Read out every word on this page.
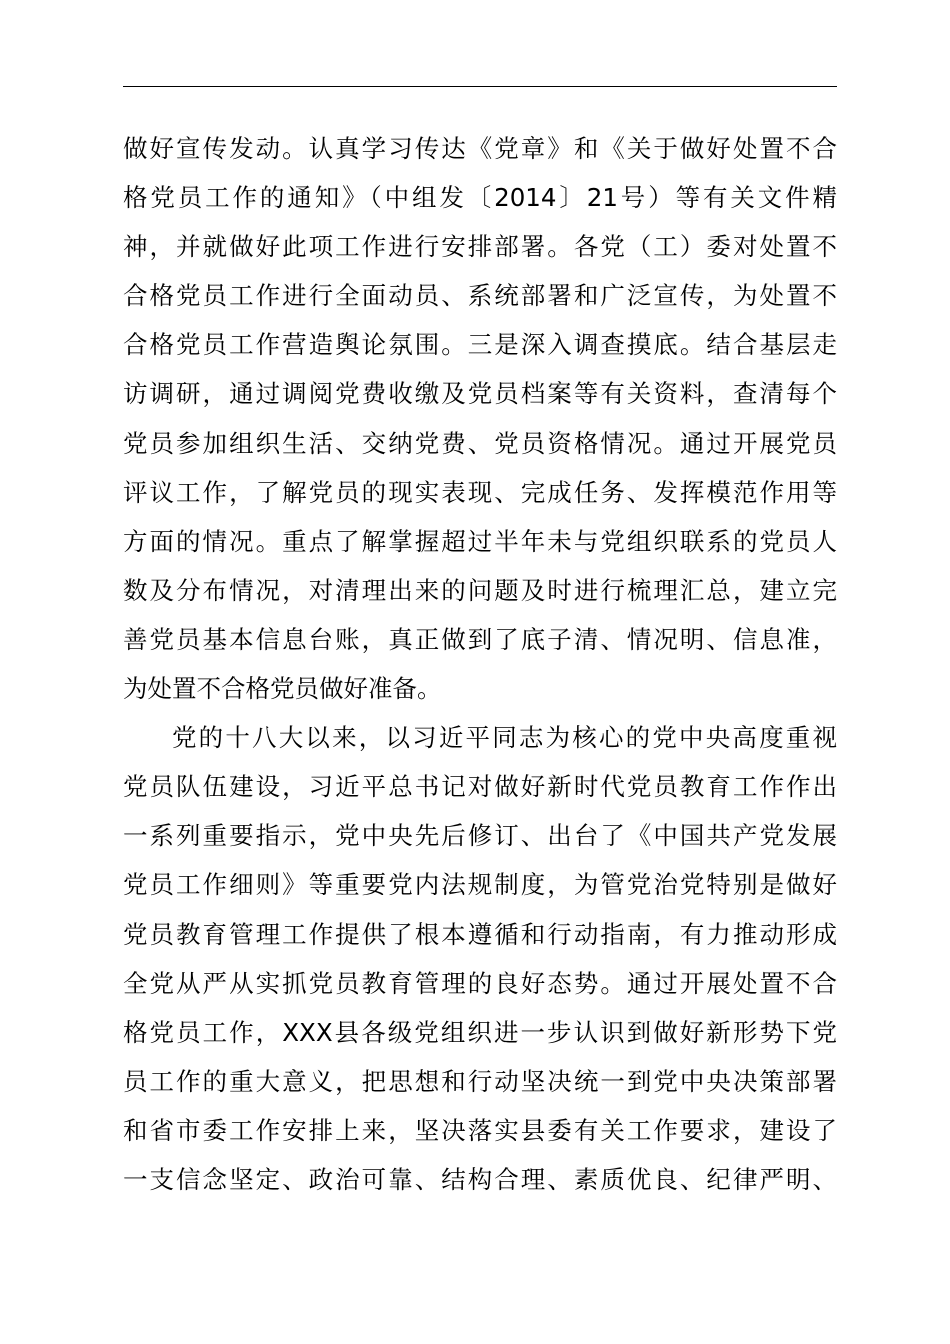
做好宣传发动。认真学习传达《党章》和《关于做好处置不合
格党员工作的通知》（中组发〔2014〕21号）等有关文件精
神，并就做好此项工作进行安排部署。各党（工）委对处置不
合格党员工作进行全面动员、系统部署和广泛宣传，为处置不
合格党员工作营造舆论氛围。三是深入调查摸底。结合基层走
访调研，通过调阅党费收缴及党员档案等有关资料，查清每个
党员参加组织生活、交纳党费、党员资格情况。通过开展党员
评议工作，了解党员的现实表现、完成任务、发挥模范作用等
方面的情况。重点了解掌握超过半年未与党组织联系的党员人
数及分布情况，对清理出来的问题及时进行梳理汇总，建立完
善党员基本信息台账，真正做到了底子清、情况明、信息准，
为处置不合格党员做好准备。
党的十八大以来，以习近平同志为核心的党中央高度重视
党员队伍建设，习近平总书记对做好新时代党员教育工作作出
一系列重要指示，党中央先后修订、出台了《中国共产党发展
党员工作细则》等重要党内法规制度，为管党治党特别是做好
党员教育管理工作提供了根本遵循和行动指南，有力推动形成
全党从严从实抓党员教育管理的良好态势。通过开展处置不合
格党员工作，XXX县各级党组织进一步认识到做好新形势下党
员工作的重大意义，把思想和行动坚决统一到党中央决策部署
和省市委工作安排上来，坚决落实县委有关工作要求，建设了
一支信念坚定、政治可靠、结构合理、素质优良、纪律严明、
